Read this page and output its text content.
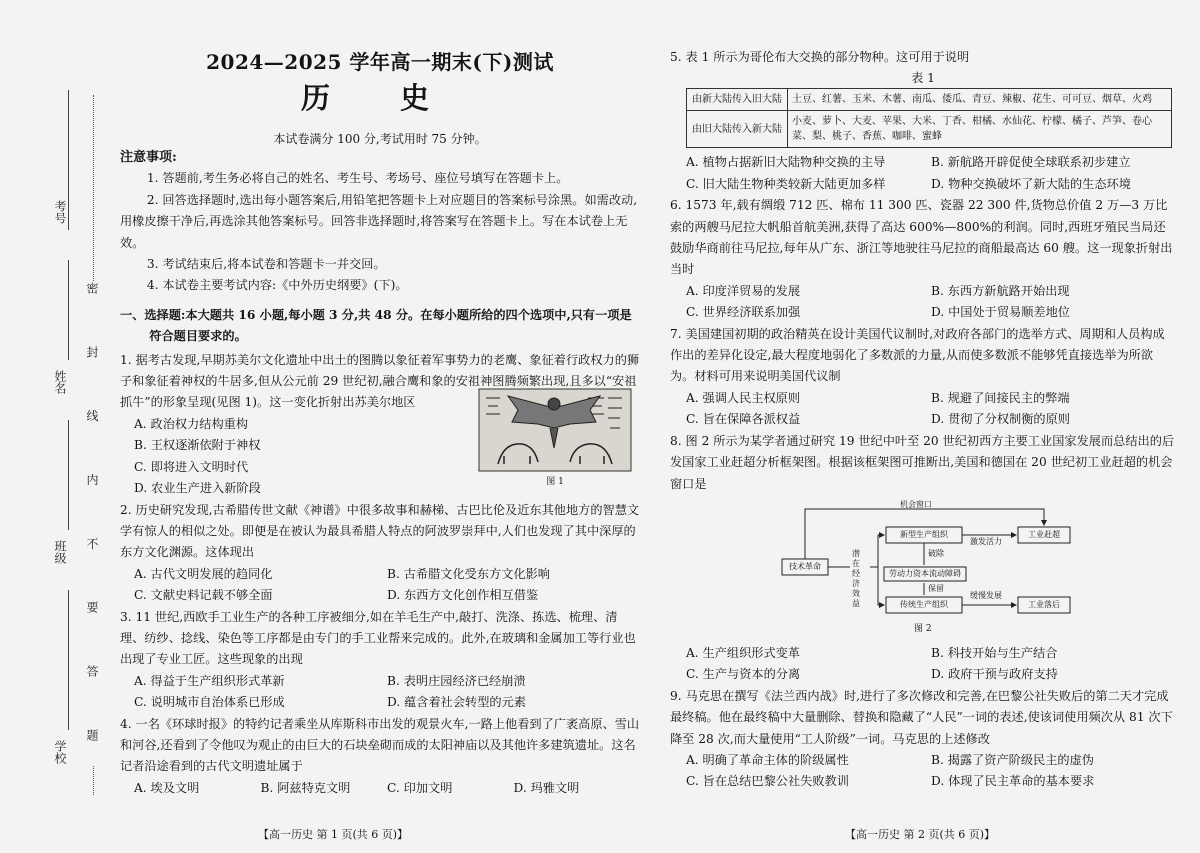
考号
姓名
班级
学校 密 封 线 内 不 要 答 题
2024—2025 学年高一期末(下)测试
历 史
本试卷满分 100 分,考试用时 75 分钟。

注意事项:

1. 答题前,考生务必将自己的姓名、考生号、考场号、座位号填写在答题卡上。

2. 回答选择题时,选出每小题答案后,用铅笔把答题卡上对应题目的答案标号涂黑。如需改动,用橡皮擦干净后,再选涂其他答案标号。回答非选择题时,将答案写在答题卡上。写在本试卷上无效。

3. 考试结束后,将本试卷和答题卡一并交回。

4. 本试卷主要考试内容:《中外历史纲要》(下)。

一、选择题:本大题共 16 小题,每小题 3 分,共 48 分。在每小题所给的四个选项中,只有一项是符合题目要求的。

1. 据考古发现,早期苏美尔文化遗址中出土的图腾以象征着军事势力的老鹰、象征着行政权力的狮子和象征着神权的牛居多,但从公元前 29 世纪初,融合鹰和象的安祖神图腾频繁出现,且多以“安祖抓牛”的形象呈现(见图 1)。这一变化折射出苏美尔地区

A. 政治权力结构重构

B. 王权逐渐依附于神权

C. 即将进入文明时代

D. 农业生产进入新阶段

2. 历史研究发现,古希腊传世文献《神谱》中很多故事和赫梯、古巴比伦及近东其他地方的智慧文学有惊人的相似之处。即便是在被认为最具希腊人特点的阿波罗崇拜中,人们也发现了其中深厚的东方文化渊源。这体现出

A. 古代文明发展的趋同化	B. 古希腊文化受东方文化影响
C. 文献史料记载不够全面	D. 东西方文化创作相互借鉴

3. 11 世纪,西欧手工业生产的各种工序被细分,如在羊毛生产中,敲打、洗涤、拣选、梳理、清理、纺纱、捻线、染色等工序都是由专门的手工业帮来完成的。此外,在玻璃和金属加工等行业也出现了专业工匠。这些现象的出现

A. 得益于生产组织形式革新	B. 表明庄园经济已经崩溃
C. 说明城市自治体系已形成	D. 蕴含着社会转型的元素

4. 一名《环球时报》的特约记者乘坐从库斯科市出发的观景火车,一路上他看到了广袤高原、雪山和河谷,还看到了令他叹为观止的由巨大的石块垒砌而成的太阳神庙以及其他许多建筑遗址。这名记者沿途看到的古代文明遗址属于

A. 埃及文明	B. 阿兹特克文明	C. 印加文明	D. 玛雅文明
图 1
【高一历史 第 1 页(共 6 页)】

5. 表 1 所示为哥伦布大交换的部分物种。这可用于说明

表 1

由新大陆传入旧大陆	土豆、红薯、玉米、木薯、南瓜、倭瓜、青豆、辣椒、花生、可可豆、烟草、火鸡
由旧大陆传入新大陆	小麦、萝卜、大麦、苹果、大米、丁香、柑橘、水仙花、柠檬、橘子、芦笋、卷心菜、梨、桃子、香蕉、咖啡、蜜蜂
A. 植物占据新旧大陆物种交换的主导	B. 新航路开辟促使全球联系初步建立
C. 旧大陆生物种类较新大陆更加多样	D. 物种交换破坏了新大陆的生态环境

6. 1573 年,载有绸缎 712 匹、棉布 11 300 匹、瓷器 22 300 件,货物总价值 2 万—3 万比索的两艘马尼拉大帆船首航美洲,获得了高达 600%—800%的利润。同时,西班牙殖民当局还鼓励华商前往马尼拉,每年从广东、浙江等地驶往马尼拉的商船最高达 60 艘。这一现象折射出当时

A. 印度洋贸易的发展	B. 东西方新航路开始出现
C. 世界经济联系加强	D. 中国处于贸易顺差地位

7. 美国建国初期的政治精英在设计美国代议制时,对政府各部门的选举方式、周期和人员构成作出的差异化设定,最大程度地弱化了多数派的力量,从而使多数派不能够凭直接选举为所欲为。材料可用来说明美国代议制

A. 强调人民主权原则	B. 规避了间接民主的弊端
C. 旨在保障各派权益	D. 贯彻了分权制衡的原则

8. 图 2 所示为某学者通过研究 19 世纪中叶至 20 世纪初西方主要工业国家发展而总结出的后发国家工业赶超分析框架图。根据该框架图可推断出,美国和德国在 20 世纪初工业赶超的机会窗口是

机会窗口
技术革命
潜在经济效益
新型生产组织
破除
劳动力资本流动障碍
保留
传统生产组织
激发活力
缓慢发展
工业赶超
工业落后
图 2
A. 生产组织形式变革	B. 科技开始与生产结合
C. 生产与资本的分离	D. 政府干预与政府支持

9. 马克思在撰写《法兰西内战》时,进行了多次修改和完善,在巴黎公社失败后的第二天才完成最终稿。他在最终稿中大量删除、替换和隐藏了“人民”一词的表述,使该词使用频次从 81 次下降至 28 次,而大量使用“工人阶级”一词。马克思的上述修改

A. 明确了革命主体的阶级属性	B. 揭露了资产阶级民主的虚伪
C. 旨在总结巴黎公社失败教训	D. 体现了民主革命的基本要求
【高一历史 第 2 页(共 6 页)】
